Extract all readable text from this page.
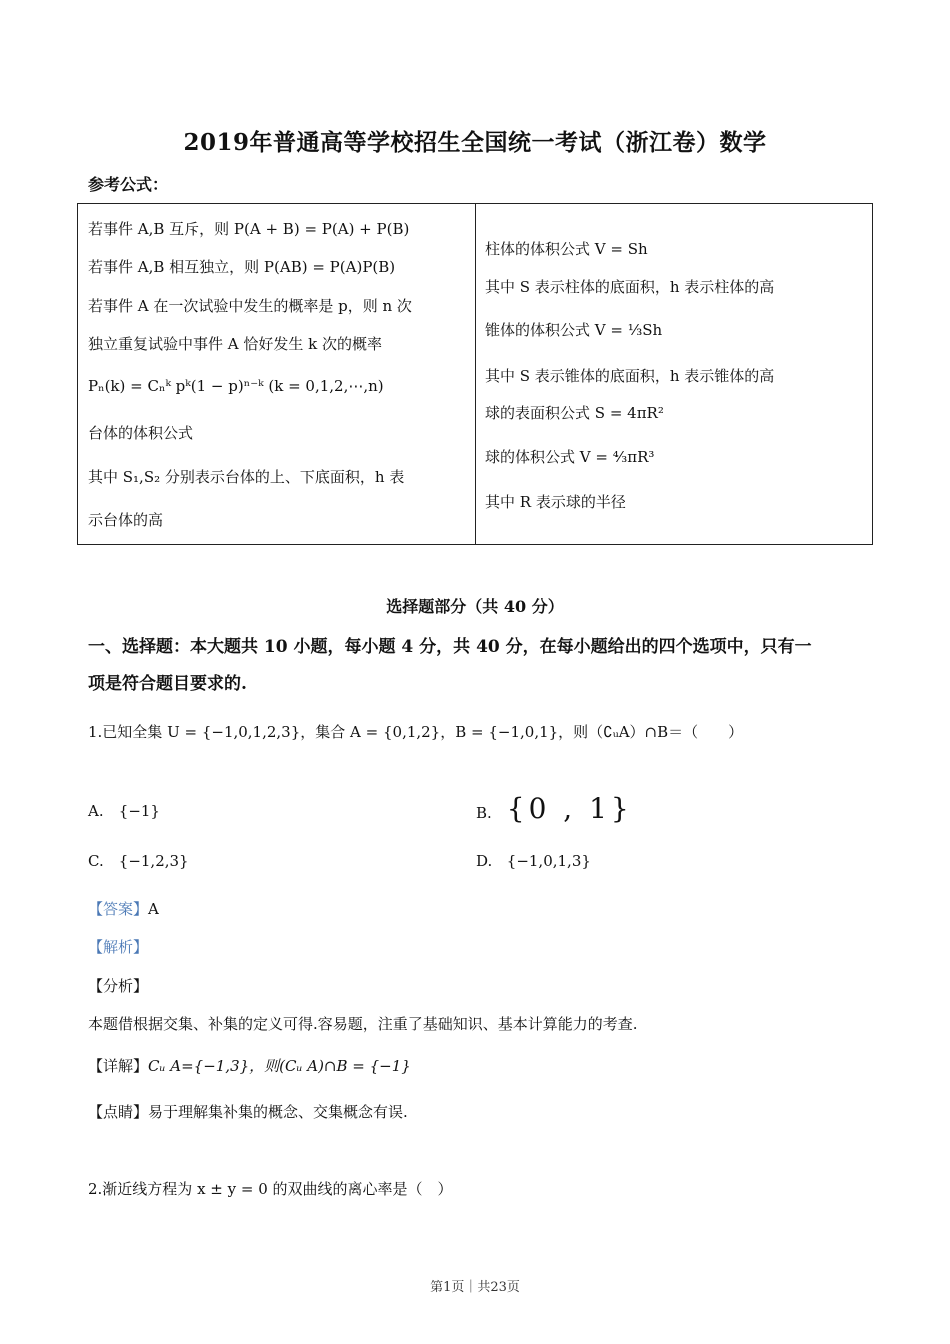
2019年普通高等学校招生全国统一考试（浙江卷）数学
参考公式：
若事件 A,B 互斥，则 P(A + B) = P(A) + P(B)
若事件 A,B 相互独立，则 P(AB) = P(A)P(B)
若事件 A 在一次试验中发生的概率是 p，则 n 次
独立重复试验中事件 A 恰好发生 k 次的概率
Pₙ(k) = Cₙᵏ pᵏ(1 − p)ⁿ⁻ᵏ (k = 0,1,2,⋯,n)
台体的体积公式
其中 S₁,S₂ 分别表示台体的上、下底面积，h 表
示台体的高
柱体的体积公式 V = Sh
其中 S 表示柱体的底面积，h 表示柱体的高
锥体的体积公式 V = ⅓Sh
其中 S 表示锥体的底面积，h 表示锥体的高
球的表面积公式 S = 4πR²
球的体积公式 V = ⁴⁄₃πR³
其中 R 表示球的半径
选择题部分（共 40 分）
一、选择题：本大题共 10 小题，每小题 4 分，共 40 分，在每小题给出的四个选项中，只有一
项是符合题目要求的.
1.已知全集 U = {−1,0,1,2,3}，集合 A = {0,1,2}，B = {−1,0,1}，则（∁ᵤA）∩B＝（　　）
A. {−1}	B. {0 , 1}
C. {−1,2,3}	D. {−1,0,1,3}
【答案】A
【解析】
【分析】
本题借根据交集、补集的定义可得.容易题，注重了基础知识、基本计算能力的考查.
【详解】Cᵤ A={−1,3}，则(Cᵤ A)∩B = {−1}
【点睛】易于理解集补集的概念、交集概念有误.
2.渐近线方程为 x ± y = 0 的双曲线的离心率是（　）
第1页｜共23页
